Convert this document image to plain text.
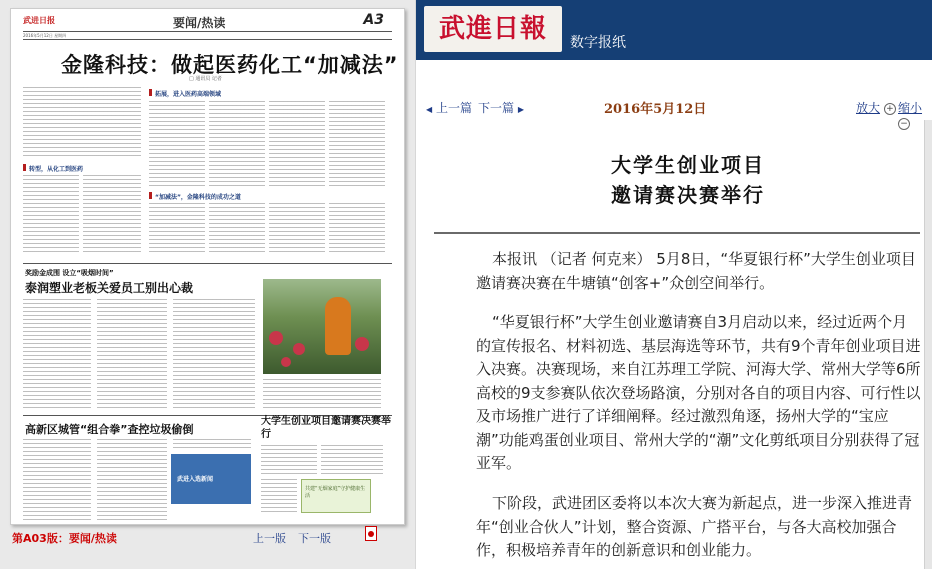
武进日报	要闻/热读	A3
2016年5月12日 星期四
金隆科技：做起医药化工“加减法”
□ 通讯员 记者
转型，从化工到医药
拓展，进入医药高端领域
“加减法”，金隆科技的成功之道
奖励金成围 设立“吸烟时间”
泰润塑业老板关爱员工别出心裁
高新区城管“组合拳”查控垃圾偷倒
武进入选新闻
大学生创业项目邀请赛决赛举行
共建“无烟家庭”守护健康生活
第A03版：要闻/热读	上一版 下一版
武進日報	数字报纸
◀ 上一篇 下一篇 ▶	2016年5月12日	放大 + 缩小 −
大学生创业项目
邀请赛决赛举行
本报讯 （记者 何克来） 5月8日，“华夏银行杯”大学生创业项目邀请赛决赛在牛塘镇“创客+”众创空间举行。
“华夏银行杯”大学生创业邀请赛自3月启动以来，经过近两个月的宣传报名、材料初选、基层海选等环节，共有9个青年创业项目进入决赛。决赛现场，来自江苏理工学院、河海大学、常州大学等6所高校的9支参赛队依次登场路演，分别对各自的项目内容、可行性以及市场推广进行了详细阐释。经过激烈角逐，扬州大学的“宝应潮”功能鸡蛋创业项目、常州大学的“潮”文化剪纸项目分别获得了冠亚军。
下阶段，武进团区委将以本次大赛为新起点，进一步深入推进青年“创业合伙人”计划，整合资源、广搭平台，与各大高校加强合作，积极培养青年的创新意识和创业能力。
